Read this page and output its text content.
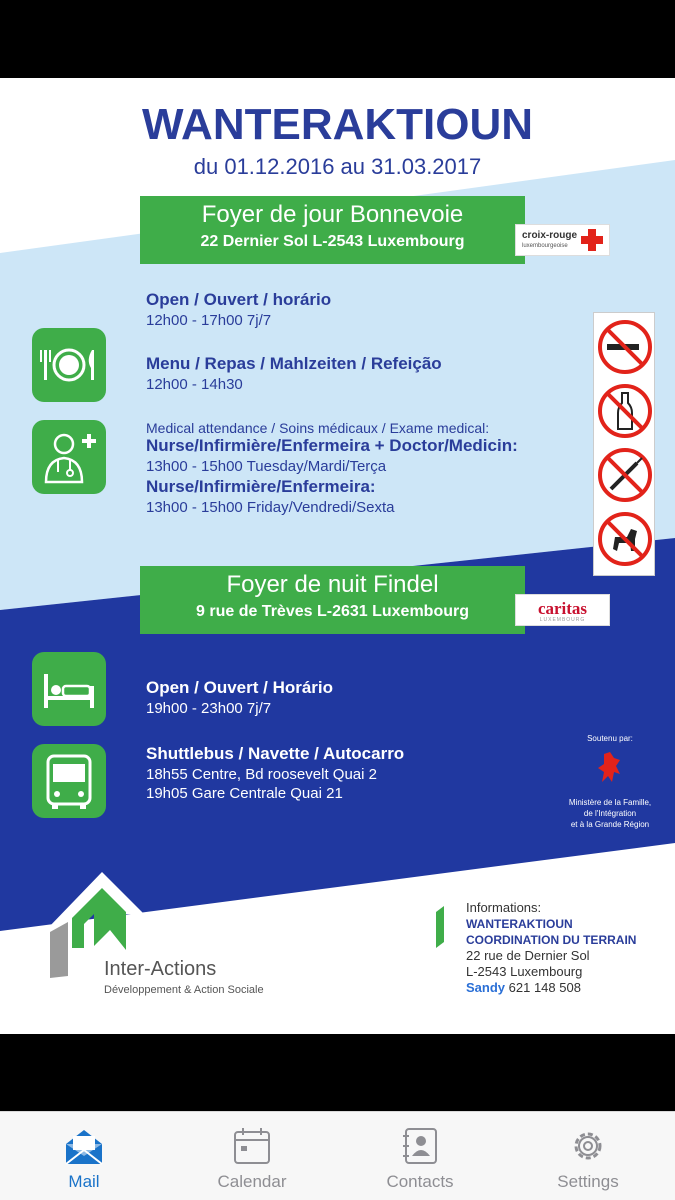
WANTERAKTIOUN
du 01.12.2016 au 31.03.2017
Foyer de jour Bonnevoie
22 Dernier Sol L-2543 Luxembourg	croix-rouge
luxembourgeoise
Open / Ouvert / horário
12h00 - 17h00 7j/7
Menu / Repas / Mahlzeiten / Refeição
12h00 - 14h30
Medical attendance / Soins médicaux / Exame medical:
Nurse/Infirmière/Enfermeira + Doctor/Medicin:
13h00 - 15h00 Tuesday/Mardi/Terça
Nurse/Infirmière/Enfermeira:
13h00 - 15h00 Friday/Vendredi/Sexta
Foyer de nuit Findel
9 rue de Trèves L-2631 Luxembourg	caritas
LUXEMBOURG
Open / Ouvert / Horário
19h00 - 23h00 7j/7
Shuttlebus / Navette / Autocarro
18h55 Centre, Bd roosevelt Quai 2
19h05 Gare Centrale Quai 21
Soutenu par:
Ministère de la Famille,
de l'Intégration
et à la Grande Région
Inter-Actions
Développement & Action Sociale
Informations:
WANTERAKTIOUN
COORDINATION DU TERRAIN
22 rue de Dernier Sol
L-2543 Luxembourg
Sandy 621 148 508
Mail	Calendar	Contacts	Settings
